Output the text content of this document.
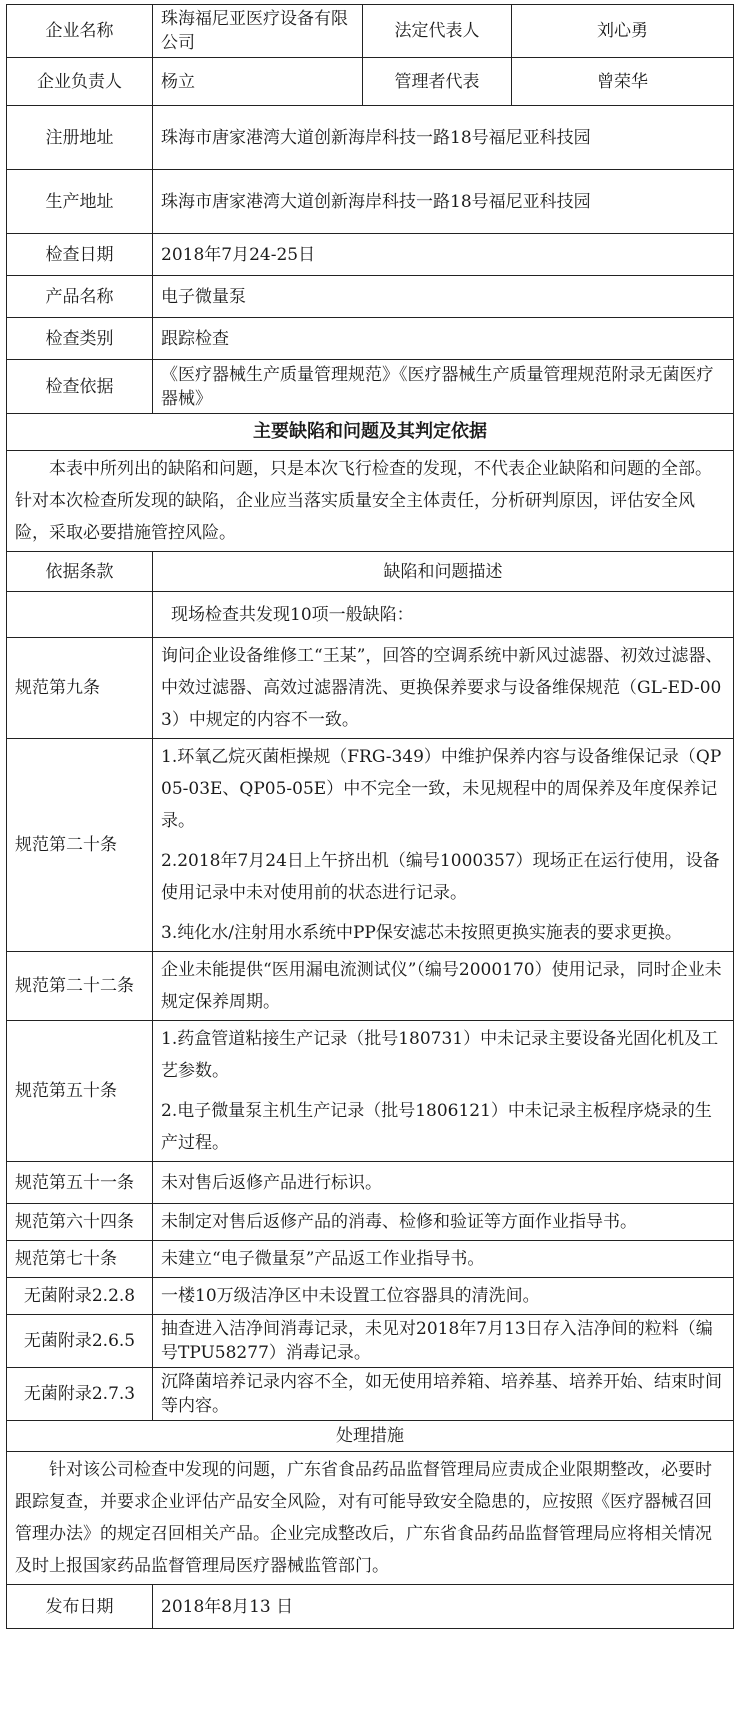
企业名称	珠海福尼亚医疗设备有限公司	法定代表人	刘心勇
企业负责人	杨立	管理者代表	曾荣华
注册地址	珠海市唐家港湾大道创新海岸科技一路18号福尼亚科技园		
生产地址	珠海市唐家港湾大道创新海岸科技一路18号福尼亚科技园		
检查日期	2018年7月24-25日		
产品名称	电子微量泵		
检查类别	跟踪检查		
检查依据	《医疗器械生产质量管理规范》《医疗器械生产质量管理规范附录无菌医疗器械》		
主要缺陷和问题及其判定依据			
本表中所列出的缺陷和问题，只是本次飞行检查的发现，不代表企业缺陷和问题的全部。针对本次检查所发现的缺陷，企业应当落实质量安全主体责任，分析研判原因，评估安全风险，采取必要措施管控风险。			
依据条款	缺陷和问题描述		
	现场检查共发现10项一般缺陷：		
规范第九条	询问企业设备维修工“王某”，回答的空调系统中新风过滤器、初效过滤器、中效过滤器、高效过滤器清洗、更换保养要求与设备维保规范（GL-ED-003）中规定的内容不一致。		

规范第二十条	1.环氧乙烷灭菌柜操规（FRG-349）中维护保养内容与设备维保记录（QP05-03E、QP05-05E）中不完全一致，未见规程中的周保养及年度保养记录。
2.2018年7月24日上午挤出机（编号1000357）现场正在运行使用，设备使用记录中未对使用前的状态进行记录。
3.纯化水/注射用水系统中PP保安滤芯未按照更换实施表的要求更换。		

规范第二十二条	企业未能提供“医用漏电流测试仪”（编号2000170）使用记录，同时企业未规定保养周期。		

规范第五十条	1.药盒管道粘接生产记录（批号180731）中未记录主要设备光固化机及工艺参数。
2.电子微量泵主机生产记录（批号1806121）中未记录主板程序烧录的生产过程。		

规范第五十一条	未对售后返修产品进行标识。		

规范第六十四条	未制定对售后返修产品的消毒、检修和验证等方面作业指导书。		

规范第七十条	未建立“电子微量泵”产品返工作业指导书。		

无菌附录2.2.8	一楼10万级洁净区中未设置工位容器具的清洗间。		

无菌附录2.6.5	抽查进入洁净间消毒记录，未见对2018年7月13日存入洁净间的粒料（编号TPU58277）消毒记录。		

无菌附录2.7.3	沉降菌培养记录内容不全，如无使用培养箱、培养基、培养开始、结束时间等内容。		

处理措施			
针对该公司检查中发现的问题，广东省食品药品监督管理局应责成企业限期整改，必要时跟踪复查，并要求企业评估产品安全风险，对有可能导致安全隐患的，应按照《医疗器械召回管理办法》的规定召回相关产品。企业完成整改后，广东省食品药品监督管理局应将相关情况及时上报国家药品监督管理局医疗器械监管部门。			
发布日期	2018年8月13 日		
